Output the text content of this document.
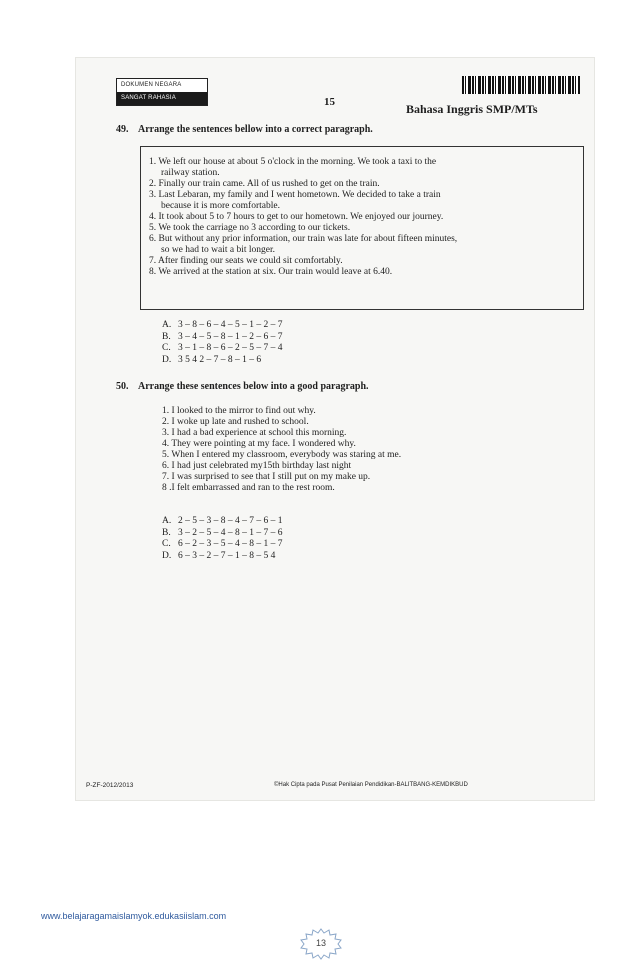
DOKUMEN NEGARA
SANGAT RAHASIA	15	Bahasa Inggris SMP/MTs
49. Arrange the sentences bellow into a correct paragraph.
1. We left our house at about 5 o'clock in the morning. We took a taxi to the
railway station.
2. Finally our train came. All of us rushed to get on the train.
3. Last Lebaran, my family and I went hometown. We decided to take a train
because it is more comfortable.
4. It took about 5 to 7 hours to get to our hometown. We enjoyed our journey.
5. We took the carriage no 3 according to our tickets.
6. But without any prior information, our train was late for about fifteen minutes,
so we had to wait a bit longer.
7. After finding our seats we could sit comfortably.
8. We arrived at the station at six. Our train would leave at 6.40.
A. 3 – 8 – 6 – 4 – 5 – 1 – 2 – 7
B. 3 – 4 – 5 – 8 – 1 – 2 – 6 – 7
C. 3 – 1 – 8 – 6 – 2 – 5 – 7 – 4
D. 3 5 4 2 – 7 – 8 – 1 – 6
50. Arrange these sentences below into a good paragraph.
1. I looked to the mirror to find out why.
2. I woke up late and rushed to school.
3. I had a bad experience at school this morning.
4. They were pointing at my face. I wondered why.
5. When I entered my classroom, everybody was staring at me.
6. I had just celebrated my15th birthday last night
7. I was surprised to see that I still put on my make up.
8 .I felt embarrassed and ran to the rest room.
A. 2 – 5 – 3 – 8 – 4 – 7 – 6 – 1
B. 3 – 2 – 5 – 4 – 8 – 1 – 7 – 6
C. 6 – 2 – 3 – 5 – 4 – 8 – 1 – 7
D. 6 – 3 – 2 – 7 – 1 – 8 – 5 4
P-ZF-2012/2013	©Hak Cipta pada Pusat Penilaian Pendidikan-BALITBANG-KEMDIKBUD
www.belajaragamaislamyok.edukasiislam.com
13
